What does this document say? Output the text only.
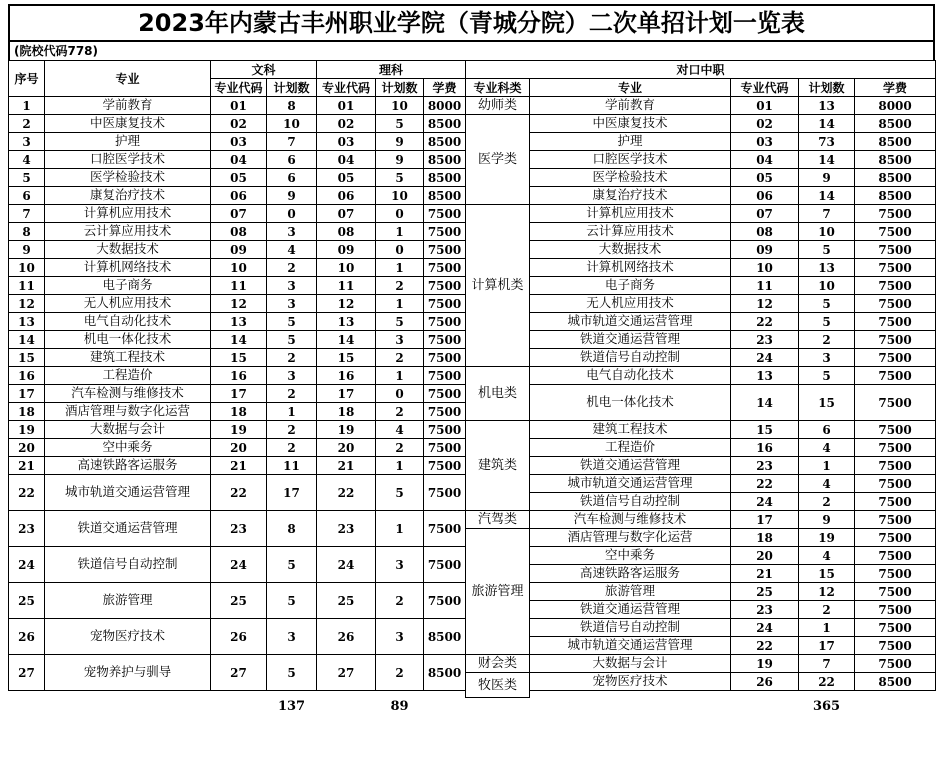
2023年内蒙古丰州职业学院（青城分院）二次单招计划一览表
(院校代码778)
序号	专业	文科		理科			对口中职				
		专业代码	计划数	专业代码	计划数	学费	专业科类	专业	专业代码	计划数	学费
1	学前教育	01	8	01	10	8000	幼师类	学前教育	01	13	8000
2	中医康复技术	02	10	02	5	8500	医学类	中医康复技术	02	14	8500
3	护理	03	7	03	9	8500		护理	03	73	8500
4	口腔医学技术	04	6	04	9	8500		口腔医学技术	04	14	8500
5	医学检验技术	05	6	05	5	8500		医学检验技术	05	9	8500
6	康复治疗技术	06	9	06	10	8500		康复治疗技术	06	14	8500
7	计算机应用技术	07	0	07	0	7500	计算机类	计算机应用技术	07	7	7500
8	云计算应用技术	08	3	08	1	7500		云计算应用技术	08	10	7500
9	大数据技术	09	4	09	0	7500		大数据技术	09	5	7500
10	计算机网络技术	10	2	10	1	7500		计算机网络技术	10	13	7500
11	电子商务	11	3	11	2	7500		电子商务	11	10	7500
12	无人机应用技术	12	3	12	1	7500		无人机应用技术	12	5	7500
13	电气自动化技术	13	5	13	5	7500		城市轨道交通运营管理	22	5	7500
14	机电一体化技术	14	5	14	3	7500		铁道交通运营管理	23	2	7500
15	建筑工程技术	15	2	15	2	7500		铁道信号自动控制	24	3	7500
16	工程造价	16	3	16	1	7500	机电类	电气自动化技术	13	5	7500
17	汽车检测与维修技术	17	2	17	0	7500					
								机电一体化技术	14	15	7500
18	酒店管理与数字化运营	18	1	18	2	7500					
19	大数据与会计	19	2	19	4	7500	建筑类	建筑工程技术	15	6	7500
20	空中乘务	20	2	20	2	7500		工程造价	16	4	7500
21	高速铁路客运服务	21	11	21	1	7500		铁道交通运营管理	23	1	7500
22	城市轨道交通运营管理	22	17	22	5	7500		城市轨道交通运营管理	22	4	7500
								铁道信号自动控制	24	2	7500
23	铁道交通运营管理	23	8	23	1	7500	汽驾类	汽车检测与维修技术	17	9	7500
							旅游管理	酒店管理与数字化运营	18	19	7500
24	铁道信号自动控制	24	5	24	3	7500		空中乘务	20	4	7500
								高速铁路客运服务	21	15	7500
25	旅游管理	25	5	25	2	7500		旅游管理	25	12	7500
								铁道交通运营管理	23	2	7500
26	宠物医疗技术	26	3	26	3	8500		铁道信号自动控制	24	1	7500
								城市轨道交通运营管理	22	17	7500
27	宠物养护与驯导	27	5	27	2	8500	财会类	大数据与会计	19	7	7500
							牧医类	宠物医疗技术	26	22	8500

			137		89					365	
